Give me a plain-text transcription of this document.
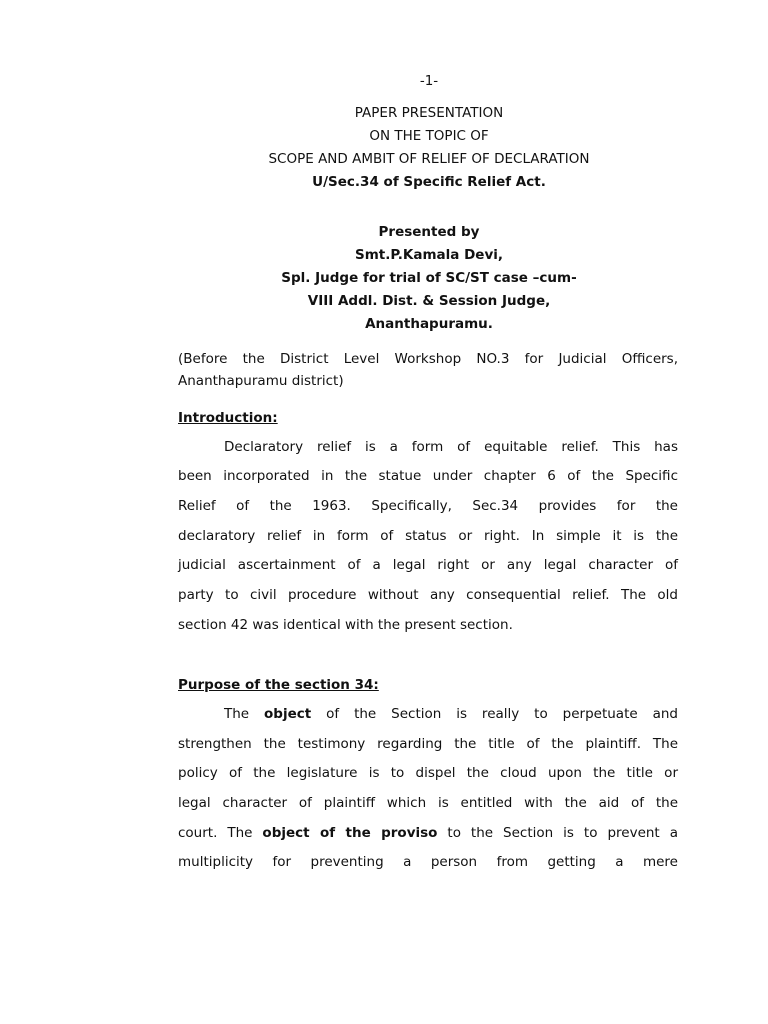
-1-
PAPER PRESENTATION
ON THE TOPIC OF
SCOPE AND AMBIT OF RELIEF OF DECLARATION
U/Sec.34 of Specific Relief Act.
Presented by
Smt.P.Kamala Devi,
Spl. Judge for trial of SC/ST case –cum-
VIII Addl. Dist. & Session Judge,
Ananthapuramu.
(Before the District Level Workshop NO.3 for Judicial Officers,
Ananthapuramu district)
Introduction:
Declaratory relief is a form of equitable relief. This has
been incorporated in the statue under chapter 6 of the Specific
Relief of the 1963. Specifically, Sec.34 provides for the
declaratory relief in form of status or right. In simple it is the
judicial ascertainment of a legal right or any legal character of
party to civil procedure without any consequential relief. The old
section 42 was identical with the present section.
Purpose of the section 34:
The object of the Section is really to perpetuate and
strengthen the testimony regarding the title of the plaintiff. The
policy of the legislature is to dispel the cloud upon the title or
legal character of plaintiff which is entitled with the aid of the
court. The object of the proviso to the Section is to prevent a
multiplicity for preventing a person from getting a mere
